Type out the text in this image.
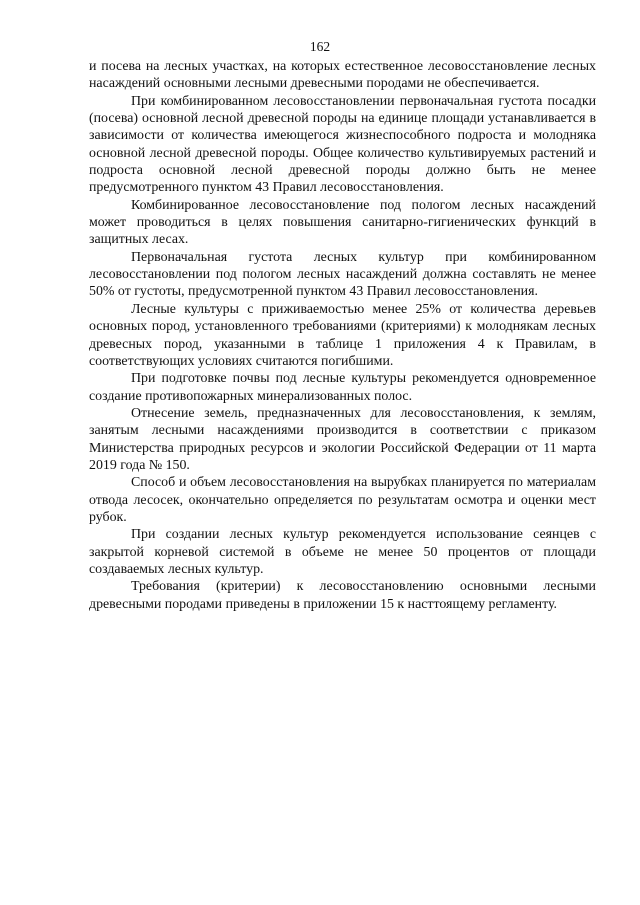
162

и посева на лесных участках, на которых естественное лесовосстановление лесных насаждений основными лесными древесными породами не обеспечивается.

При комбинированном лесовосстановлении первоначальная густота посадки (посева) основной лесной древесной породы на единице площади устанавливается в зависимости от количества имеющегося жизнеспособного подроста и молодняка основной лесной древесной породы. Общее количество культивируемых растений и подроста основной лесной древесной породы должно быть не менее предусмотренного пунктом 43 Правил лесовосстановления.

Комбинированное лесовосстановление под пологом лесных насаждений может проводиться в целях повышения санитарно-гигиенических функций в защитных лесах.

Первоначальная густота лесных культур при комбинированном лесовосстановлении под пологом лесных насаждений должна составлять не менее 50% от густоты, предусмотренной пунктом 43 Правил лесовосстановления.

Лесные культуры с приживаемостью менее 25% от количества деревьев основных пород, установленного требованиями (критериями) к молоднякам лесных древесных пород, указанными в таблице 1 приложения 4 к Правилам, в соответствующих условиях считаются погибшими.

При подготовке почвы под лесные культуры рекомендуется одновременное создание противопожарных минерализованных полос.

Отнесение земель, предназначенных для лесовосстановления, к землям, занятым лесными насаждениями производится в соответствии с приказом Министерства природных ресурсов и экологии Российской Федерации от 11 марта 2019 года № 150.

Способ и объем лесовосстановления на вырубках планируется по материалам отвода лесосек, окончательно определяется по результатам осмотра и оценки мест рубок.

При создании лесных культур рекомендуется использование сеянцев с закрытой корневой системой в объеме не менее 50 процентов от площади создаваемых лесных культур.

Требования (критерии) к лесовосстановлению основными лесными древесными породами приведены в приложении 15 к насттоящему регламенту.
